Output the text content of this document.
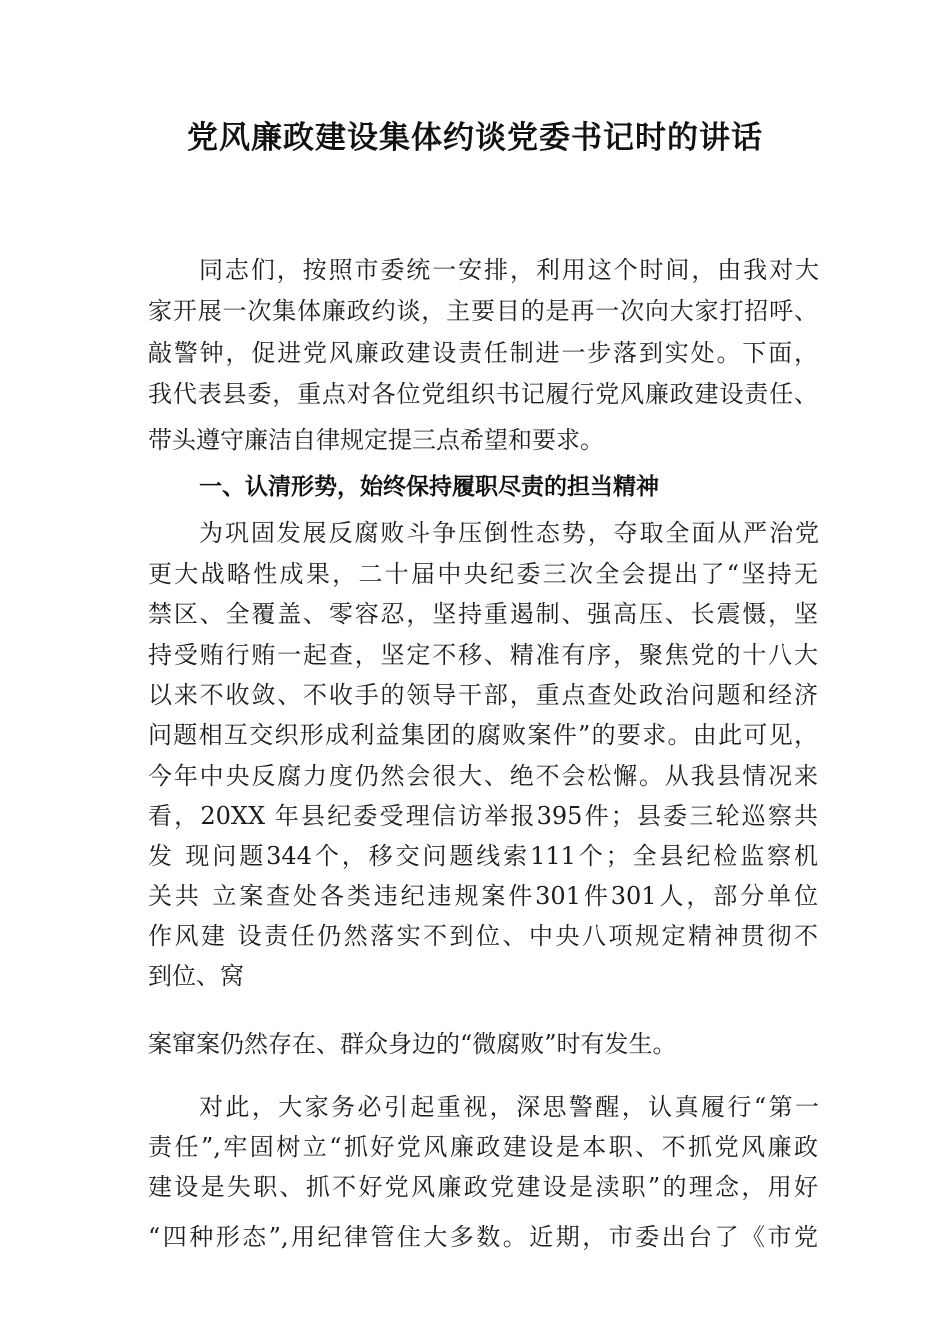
党风廉政建设集体约谈党委书记时的讲话

同志们，按照市委统一安排，利用这个时间，由我对大

家开展一次集体廉政约谈，主要目的是再一次向大家打招呼、

敲警钟，促进党风廉政建设责任制进一步落到实处。下面，

我代表县委，重点对各位党组织书记履行党风廉政建设责任、

带头遵守廉洁自律规定提三点希望和要求。

一、认清形势，始终保持履职尽责的担当精神

为巩固发展反腐败斗争压倒性态势，夺取全面从严治党

更大战略性成果，二十届中央纪委三次全会提出了“坚持无

禁区、全覆盖、零容忍，坚持重遏制、强高压、长震慑，坚

持受贿行贿一起查，坚定不移、精准有序，聚焦党的十八大

以来不收敛、不收手的领导干部，重点查处政治问题和经济

问题相互交织形成利益集团的腐败案件”的要求。由此可见，

今年中央反腐力度仍然会很大、绝不会松懈。从我县情况来

看，20XX 年县纪委受理信访举报395件；县委三轮巡察共

发 现问题344个，移交问题线索111个；全县纪检监察机

关共 立案查处各类违纪违规案件301件301人，部分单位

作风建 设责任仍然落实不到位、中央八项规定精神贯彻不

到位、窝

案窜案仍然存在、群众身边的“微腐败”时有发生。

对此，大家务必引起重视，深思警醒，认真履行“第一

责任”,牢固树立“抓好党风廉政建设是本职、不抓党风廉政

建设是失职、抓不好党风廉政党建设是渎职”的理念，用好

“四种形态”,用纪律管住大多数。近期，市委出台了《市党
